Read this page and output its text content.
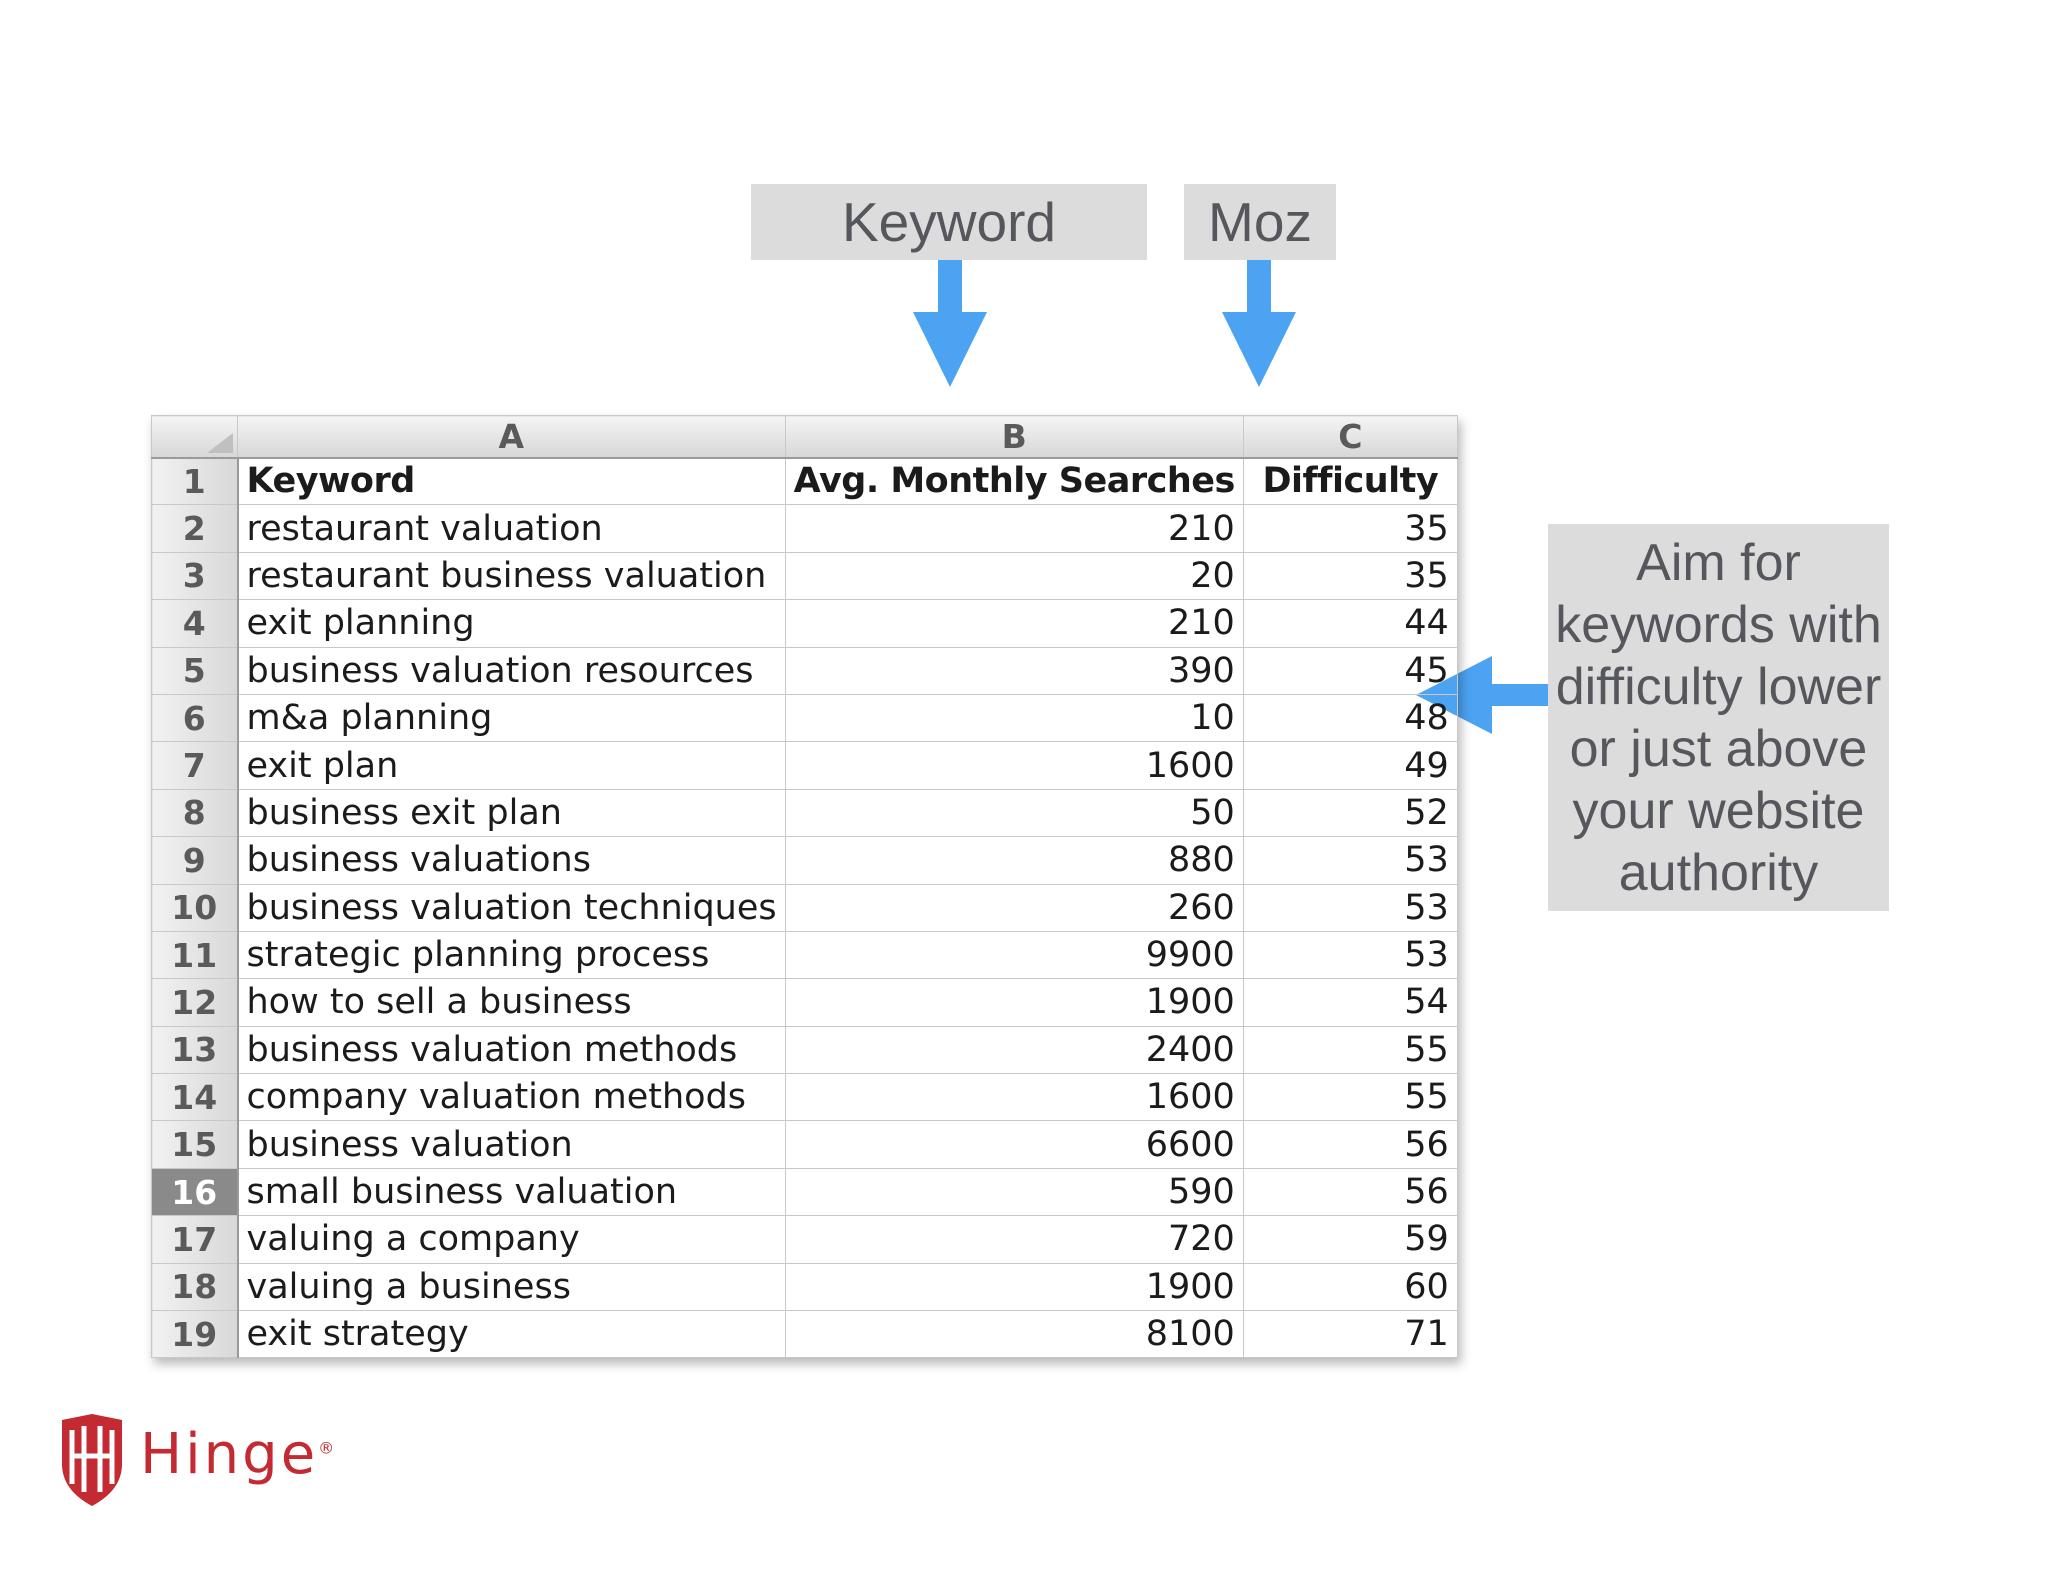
Keyword	Moz
Aim for
keywords with
difficulty lower
or just above
your website
authority
	A	B	C
1	Keyword	Avg. Monthly Searches	Difficulty
2	restaurant valuation	210	35
3	restaurant business valuation	20	35
4	exit planning	210	44
5	business valuation resources	390	45
6	m&a planning	10	48
7	exit plan	1600	49
8	business exit plan	50	52
9	business valuations	880	53
10	business valuation techniques	260	53
11	strategic planning process	9900	53
12	how to sell a business	1900	54
13	business valuation methods	2400	55
14	company valuation methods	1600	55
15	business valuation	6600	56
16	small business valuation	590	56
17	valuing a company	720	59
18	valuing a business	1900	60
19	exit strategy	8100	71
Hinge®
